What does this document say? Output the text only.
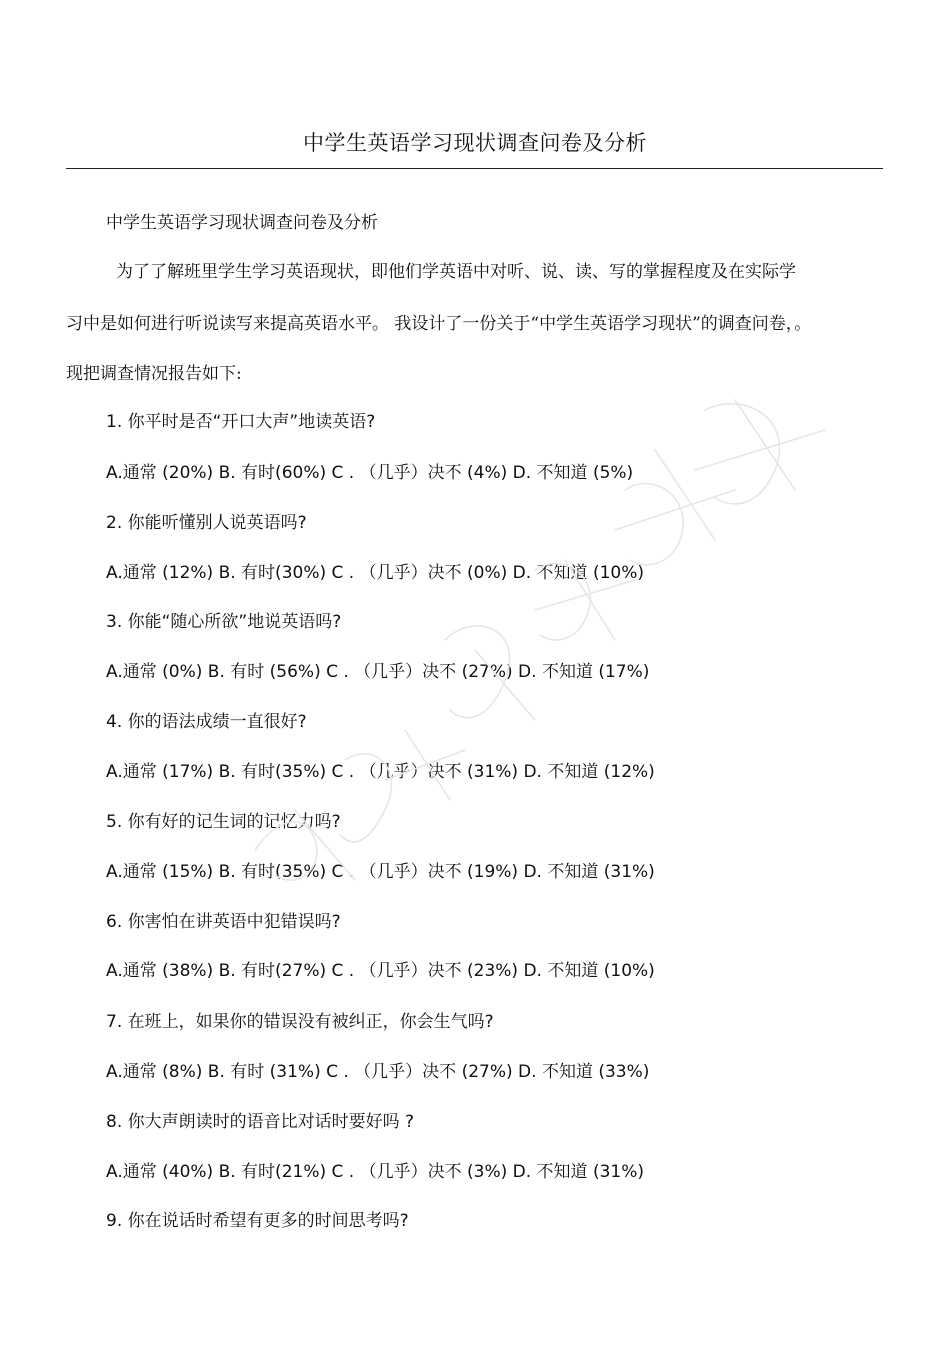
中学生英语学习现状调查问卷及分析
中学生英语学习现状调查问卷及分析
为了了解班里学生学习英语现状，即他们学英语中对听、说、读、写的掌握程度及在实际学
习中是如何进行听说读写来提高英语水平。 我设计了一份关于“中学生英语学习现状”的调查问卷，。
现把调查情况报告如下:
1. 你平时是否“开口大声”地读英语?
A.通常 (20%) B. 有时(60%) C . （几乎）决不 (4%) D. 不知道 (5%)
2. 你能听懂别人说英语吗?
A.通常 (12%) B. 有时(30%) C . （几乎）决不 (0%) D. 不知道 (10%)
3. 你能“随心所欲”地说英语吗?
A.通常 (0%) B. 有时 (56%) C . （几乎）决不 (27%) D. 不知道 (17%)
4. 你的语法成绩一直很好?
A.通常 (17%) B. 有时(35%) C . （几乎）决不 (31%) D. 不知道 (12%)
5. 你有好的记生词的记忆力吗?
A.通常 (15%) B. 有时(35%) C . （几乎）决不 (19%) D. 不知道 (31%)
6. 你害怕在讲英语中犯错误吗?
A.通常 (38%) B. 有时(27%) C . （几乎）决不 (23%) D. 不知道 (10%)
7. 在班上，如果你的错误没有被纠正，你会生气吗?
A.通常 (8%) B. 有时 (31%) C . （几乎）决不 (27%) D. 不知道 (33%)
8. 你大声朗读时的语音比对话时要好吗 ?
A.通常 (40%) B. 有时(21%) C . （几乎）决不 (3%) D. 不知道 (31%)
9. 你在说话时希望有更多的时间思考吗?
